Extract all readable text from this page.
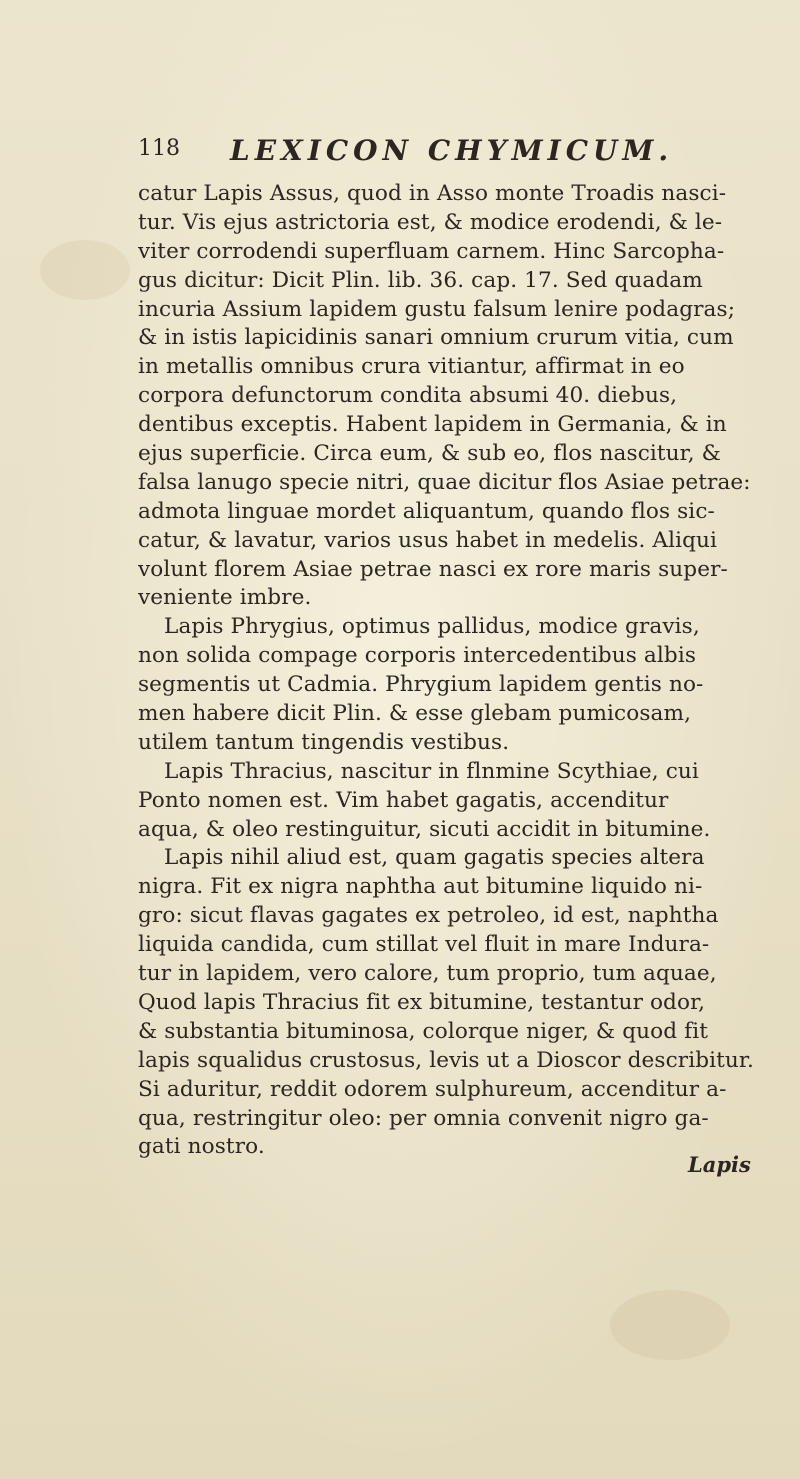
118 LEXICON CHYMICUM.
catur Lapis Assus, quod in Asso monte Troadis nasci-
tur. Vis ejus astrictoria est, & modice erodendi, & le-
viter corrodendi superfluam carnem. Hinc Sarcopha-
gus dicitur: Dicit Plin. lib. 36. cap. 17. Sed quadam
incuria Assium lapidem gustu falsum lenire podagras;
& in istis lapicidinis sanari omnium crurum vitia, cum
in metallis omnibus crura vitiantur, affirmat in eo
corpora defunctorum condita absumi 40. diebus,
dentibus exceptis. Habent lapidem in Germania, & in
ejus superficie. Circa eum, & sub eo, flos nascitur, &
falsa lanugo specie nitri, quae dicitur flos Asiae petrae:
admota linguae mordet aliquantum, quando flos sic-
catur, & lavatur, varios usus habet in medelis. Aliqui
volunt florem Asiae petrae nasci ex rore maris super-
veniente imbre.
Lapis Phrygius, optimus pallidus, modice gravis,
non solida compage corporis intercedentibus albis
segmentis ut Cadmia. Phrygium lapidem gentis no-
men habere dicit Plin. & esse glebam pumicosam,
utilem tantum tingendis vestibus.
Lapis Thracius, nascitur in flnmine Scythiae, cui
Ponto nomen est. Vim habet gagatis, accenditur
aqua, & oleo restinguitur, sicuti accidit in bitumine.
Lapis nihil aliud est, quam gagatis species altera
nigra. Fit ex nigra naphtha aut bitumine liquido ni-
gro: sicut flavas gagates ex petroleo, id est, naphtha
liquida candida, cum stillat vel fluit in mare Indura-
tur in lapidem, vero calore, tum proprio, tum aquae,
Quod lapis Thracius fit ex bitumine, testantur odor,
& substantia bituminosa, colorque niger, & quod fit
lapis squalidus crustosus, levis ut a Dioscor describitur.
Si aduritur, reddit odorem sulphureum, accenditur a-
qua, restringitur oleo: per omnia convenit nigro ga-
gati nostro.
Lapis
